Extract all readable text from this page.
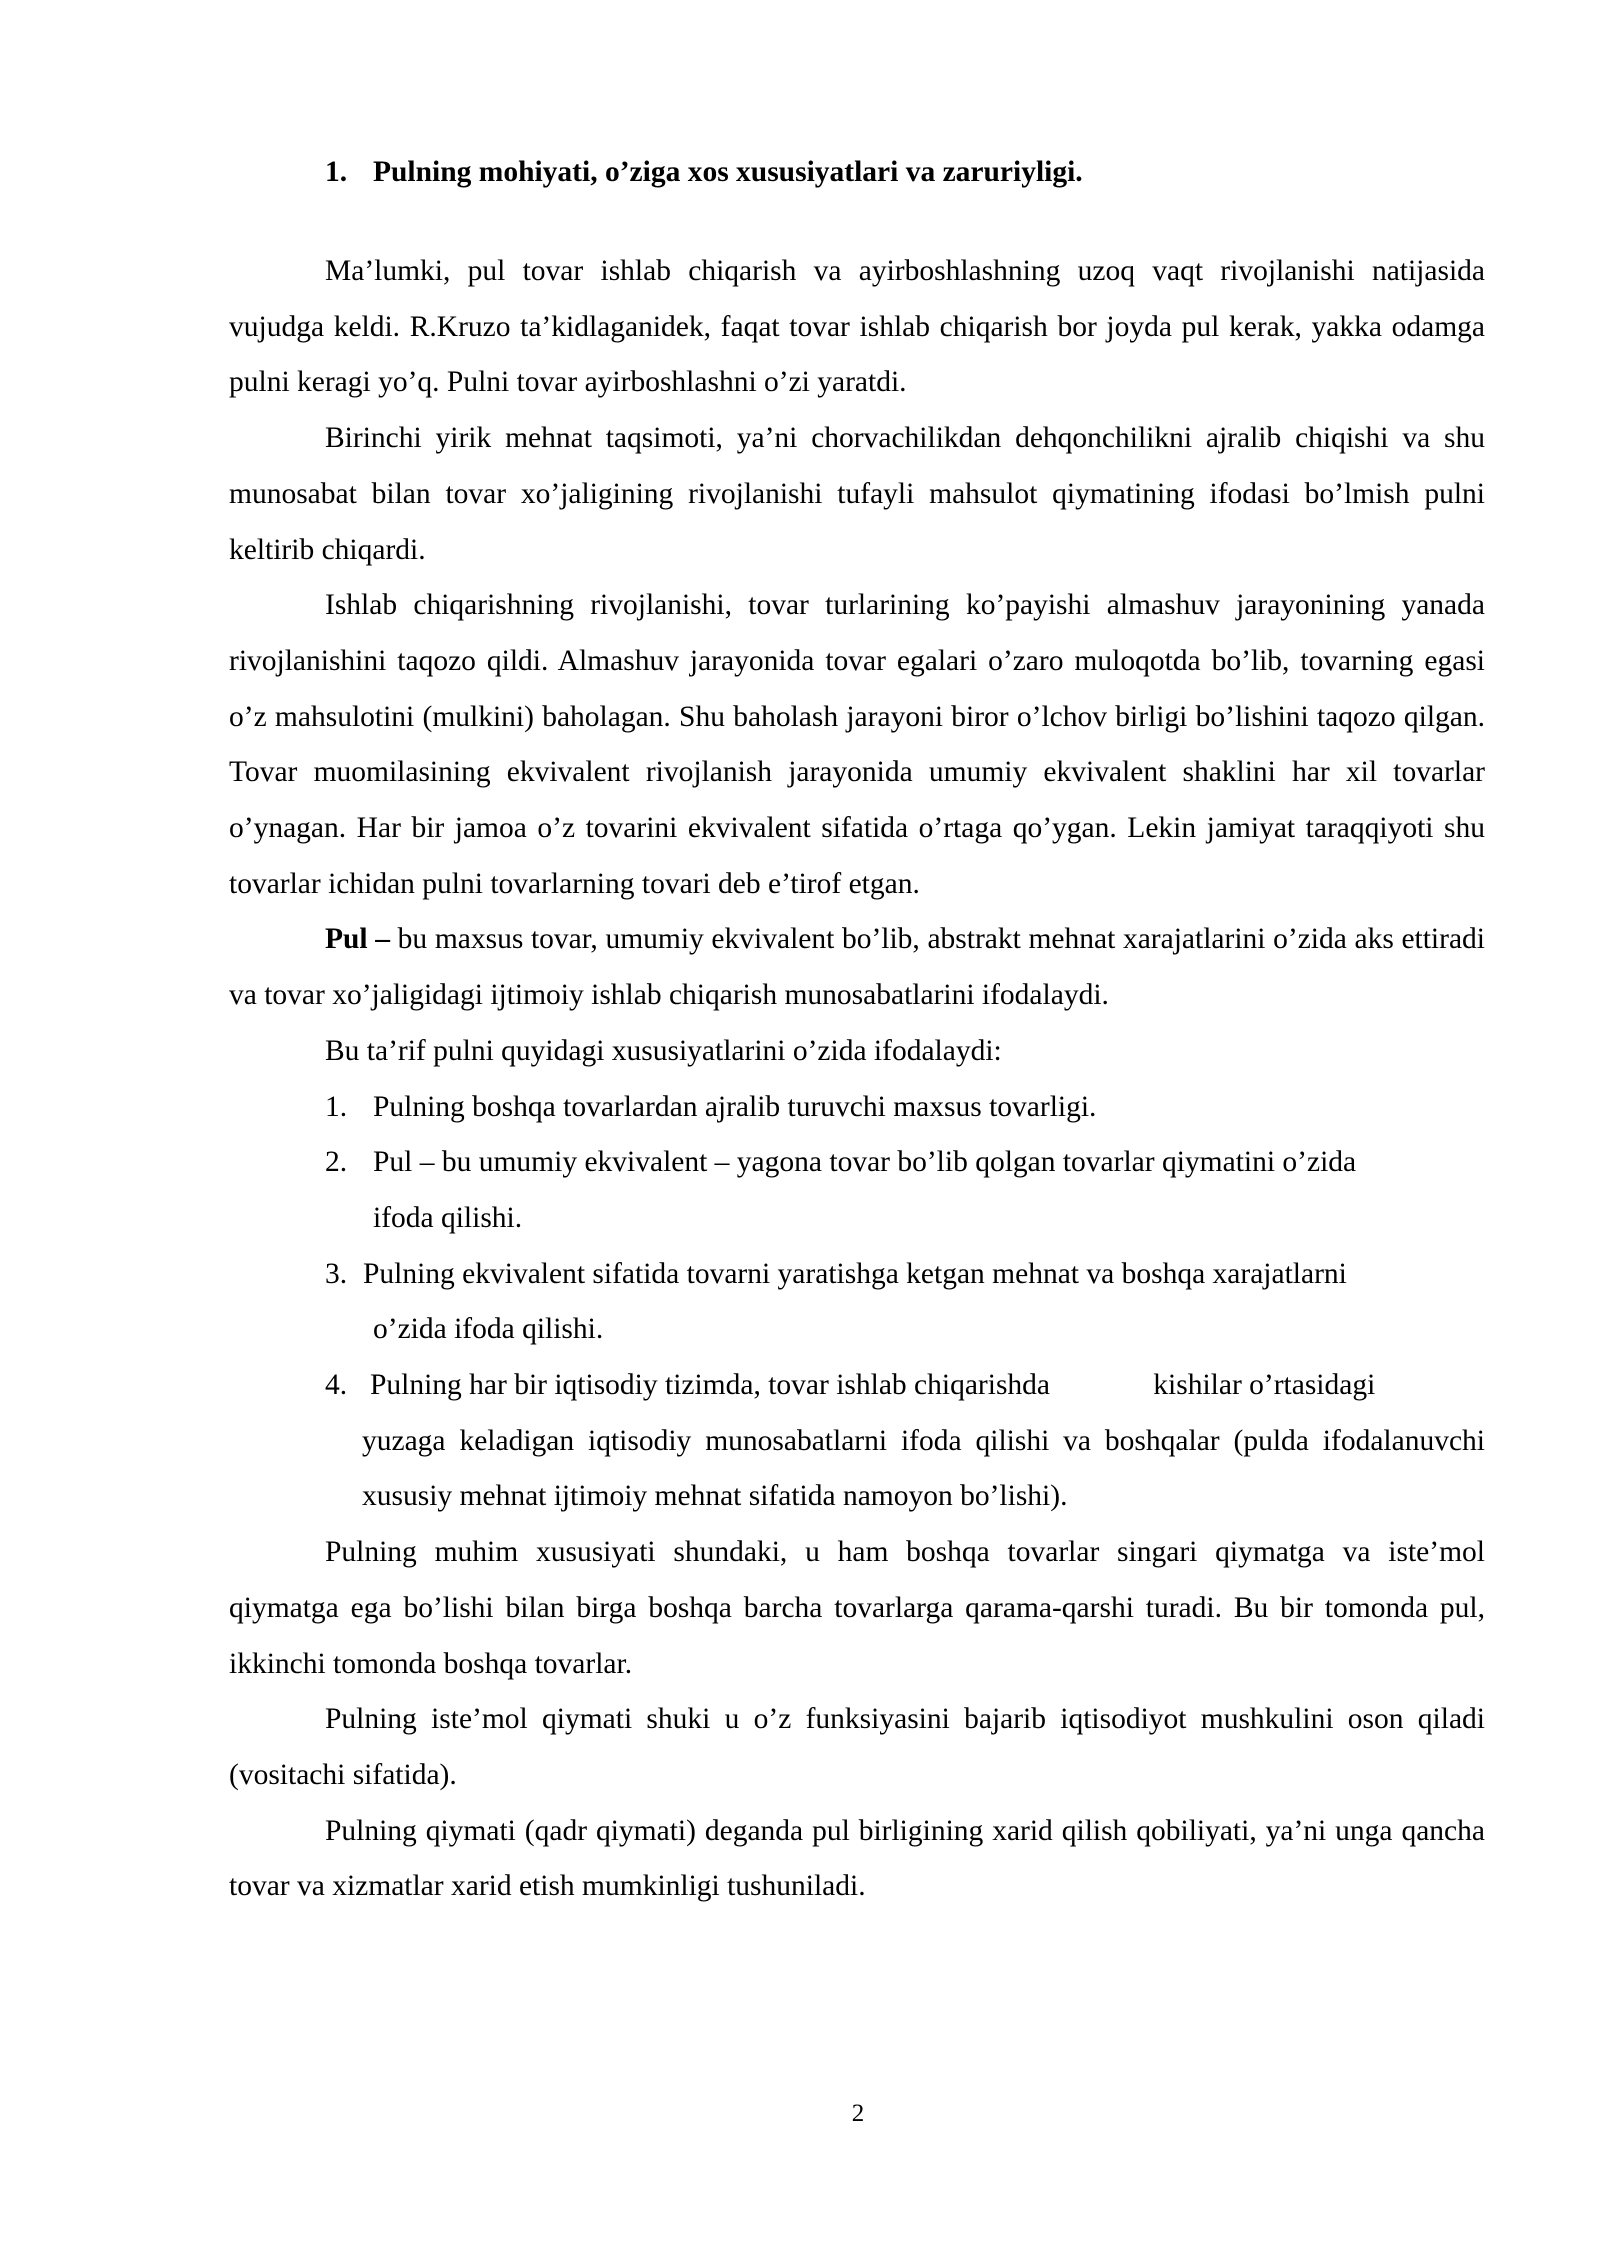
1. Pulning mohiyati, o’ziga xos xususiyatlari va zaruriyligi.

Ma’lumki, pul tovar ishlab chiqarish va ayirboshlashning uzoq vaqt rivojlanishi natijasida vujudga keldi. R.Kruzo ta’kidlaganidek, faqat tovar ishlab chiqarish bor joyda pul kerak, yakka odamga pulni keragi yo’q. Pulni tovar ayirboshlashni o’zi yaratdi.

Birinchi yirik mehnat taqsimoti, ya’ni chorvachilikdan dehqonchilikni ajralib chiqishi va shu munosabat bilan tovar xo’jaligining rivojlanishi tufayli mahsulot qiymatining ifodasi bo’lmish pulni keltirib chiqardi.

Ishlab chiqarishning rivojlanishi, tovar turlarining ko’payishi almashuv jarayonining yanada rivojlanishini taqozo qildi. Almashuv jarayonida tovar egalari o’zaro muloqotda bo’lib, tovarning egasi o’z mahsulotini (mulkini) baholagan. Shu baholash jarayoni biror o’lchov birligi bo’lishini taqozo qilgan. Tovar muomilasining ekvivalent rivojlanish jarayonida umumiy ekvivalent shaklini har xil tovarlar o’ynagan. Har bir jamoa o’z tovarini ekvivalent sifatida o’rtaga qo’ygan. Lekin jamiyat taraqqiyoti shu tovarlar ichidan pulni tovarlarning tovari deb e’tirof etgan.

Pul – bu maxsus tovar, umumiy ekvivalent bo’lib, abstrakt mehnat xarajatlarini o’zida aks ettiradi va tovar xo’jaligidagi ijtimoiy ishlab chiqarish munosabatlarini ifodalaydi.

Bu ta’rif pulni quyidagi xususiyatlarini o’zida ifodalaydi:

1. Pulning boshqa tovarlardan ajralib turuvchi maxsus tovarligi.
2. Pul – bu umumiy ekvivalent – yagona tovar bo’lib qolgan tovarlar qiymatini o’zida
ifoda qilishi.
3. Pulning ekvivalent sifatida tovarni yaratishga ketgan mehnat va boshqa xarajatlarni
o’zida ifoda qilishi.
4. Pulning har bir iqtisodiy tizimda, tovar ishlab chiqarishda              kishilar o’rtasidagi
yuzaga keladigan iqtisodiy munosabatlarni ifoda qilishi va boshqalar (pulda ifodalanuvchi xususiy mehnat ijtimoiy mehnat sifatida namoyon bo’lishi).

Pulning muhim xususiyati shundaki, u ham boshqa tovarlar singari qiymatga va iste’mol qiymatga ega bo’lishi bilan birga boshqa barcha tovarlarga qarama-qarshi turadi. Bu bir tomonda pul, ikkinchi tomonda boshqa tovarlar.

Pulning iste’mol qiymati shuki u o’z funksiyasini bajarib iqtisodiyot mushkulini oson qiladi (vositachi sifatida).

Pulning qiymati (qadr qiymati) deganda pul birligining xarid qilish qobiliyati, ya’ni unga qancha tovar va xizmatlar xarid etish mumkinligi tushuniladi.

2
